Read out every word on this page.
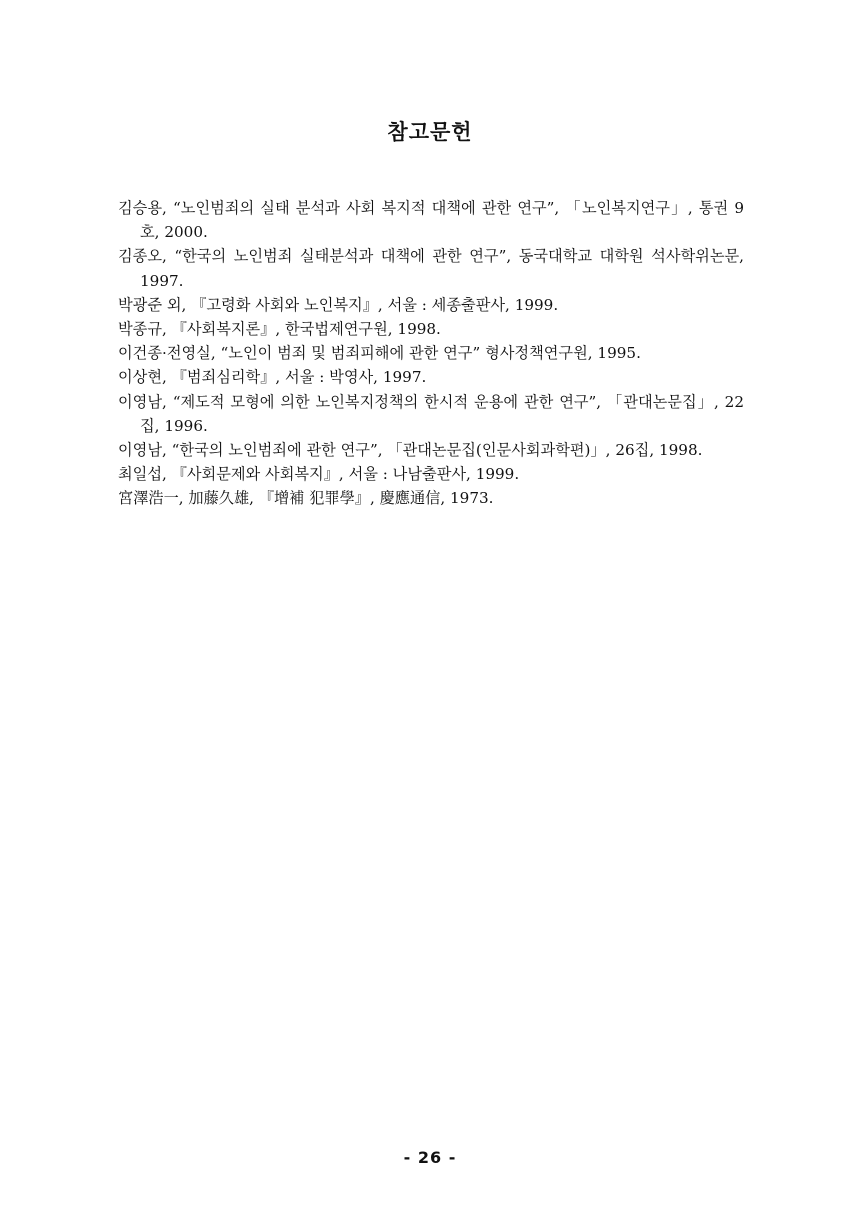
참고문헌

김승용, “노인범죄의 실태 분석과 사회 복지적 대책에 관한 연구”, 「노인복지연구」, 통권 9호, 2000.

김종오, “한국의 노인범죄 실태분석과 대책에 관한 연구”, 동국대학교 대학원 석사학위논문, 1997.

박광준 외, 『고령화 사회와 노인복지』, 서울 : 세종출판사, 1999.

박종규, 『사회복지론』, 한국법제연구원, 1998.

이건종·전영실, “노인이 범죄 및 범죄피해에 관한 연구” 형사정책연구원, 1995.

이상현, 『범죄심리학』, 서울 : 박영사, 1997.

이영남, “제도적 모형에 의한 노인복지정책의 한시적 운용에 관한 연구”, 「관대논문집」, 22집, 1996.

이영남, “한국의 노인범죄에 관한 연구”, 「관대논문집(인문사회과학편)」, 26집, 1998.

최일섭, 『사회문제와 사회복지』, 서울 : 나남출판사, 1999.

宮澤浩一, 加藤久雄, 『增補 犯罪學』, 慶應通信, 1973.

- 26 -
